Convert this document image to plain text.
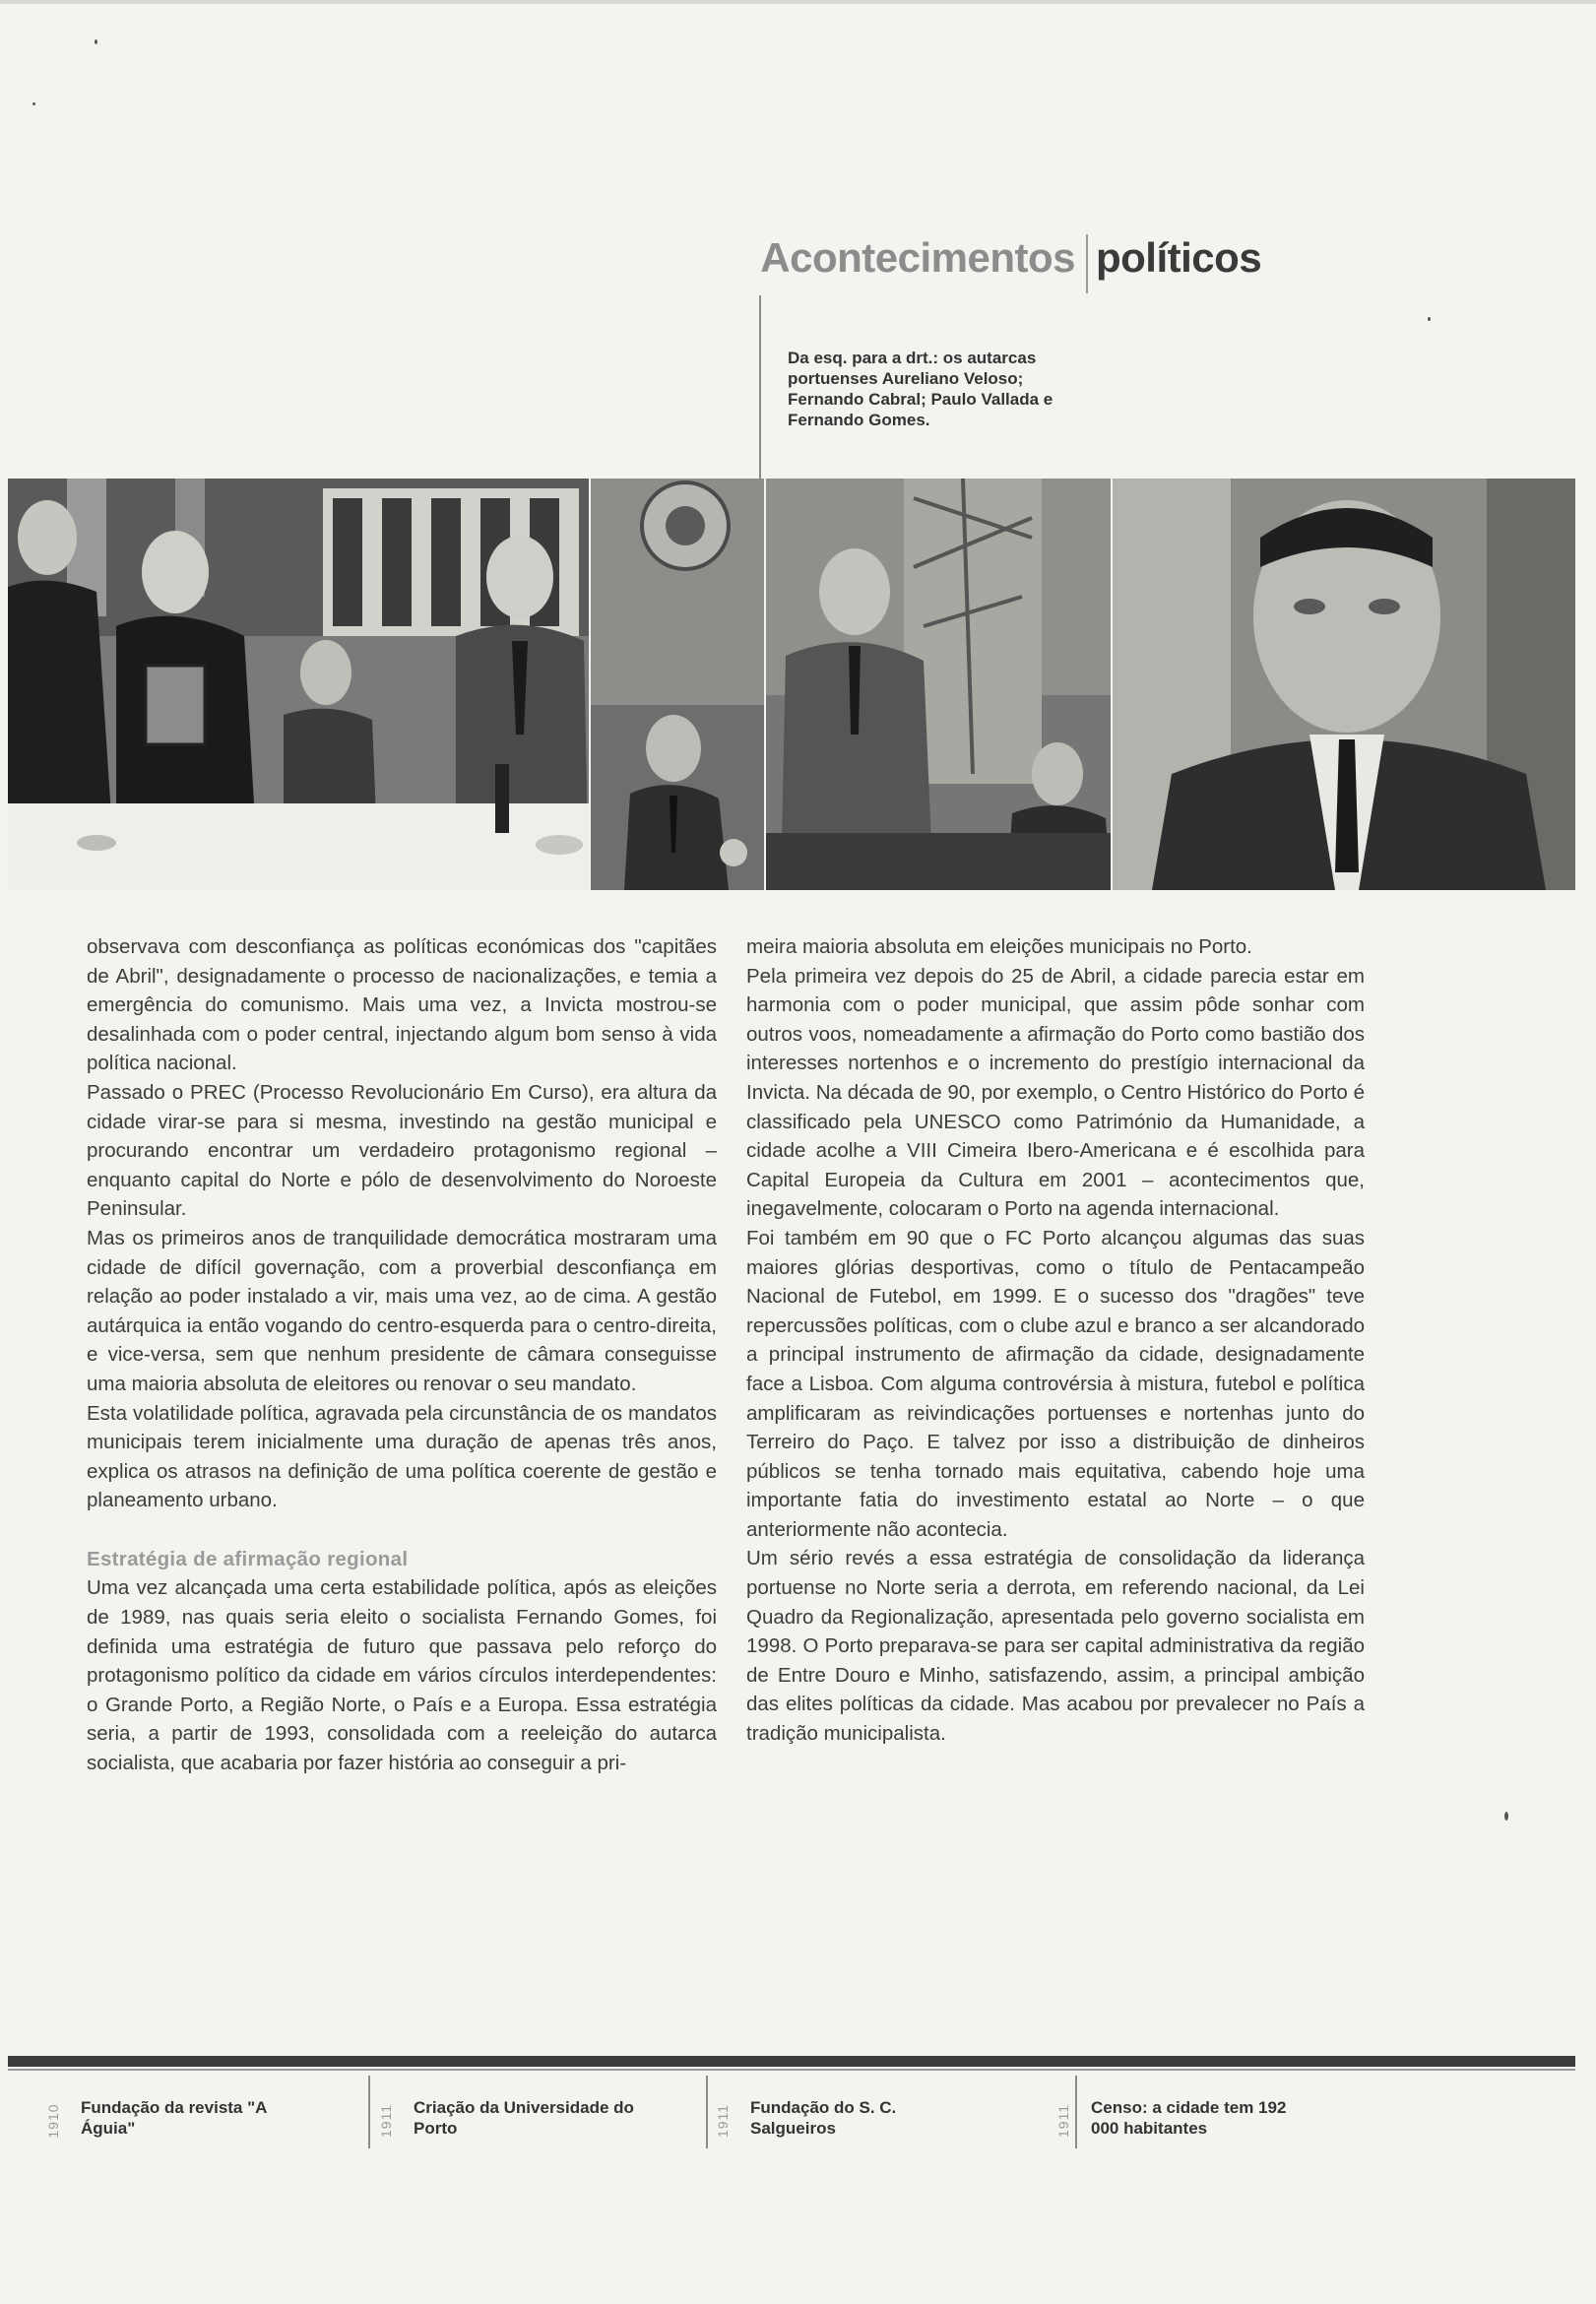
Acontecimentos políticos
Da esq. para a drt.: os autarcas portuenses Aureliano Veloso; Fernando Cabral; Paulo Vallada e Fernando Gomes.

observava com desconfiança as políticas económicas dos "capitães de Abril", designadamente o processo de nacionalizações, e temia a emergência do comunismo. Mais uma vez, a Invicta mostrou-se desalinhada com o poder central, injectando algum bom senso à vida política nacional.

Passado o PREC (Processo Revolucionário Em Curso), era altura da cidade virar-se para si mesma, investindo na gestão municipal e procurando encontrar um verdadeiro protagonismo regional – enquanto capital do Norte e pólo de desenvolvimento do Noroeste Peninsular.

Mas os primeiros anos de tranquilidade democrática mostraram uma cidade de difícil governação, com a proverbial desconfiança em relação ao poder instalado a vir, mais uma vez, ao de cima. A gestão autárquica ia então vogando do centro-esquerda para o centro-direita, e vice-versa, sem que nenhum presidente de câmara conseguisse uma maioria absoluta de eleitores ou renovar o seu mandato.

Esta volatilidade política, agravada pela circunstância de os mandatos municipais terem inicialmente uma duração de apenas três anos, explica os atrasos na definição de uma política coerente de gestão e planeamento urbano.

Estratégia de afirmação regional

Uma vez alcançada uma certa estabilidade política, após as eleições de 1989, nas quais seria eleito o socialista Fernando Gomes, foi definida uma estratégia de futuro que passava pelo reforço do protagonismo político da cidade em vários círculos interdependentes: o Grande Porto, a Região Norte, o País e a Europa. Essa estratégia seria, a partir de 1993, consolidada com a reeleição do autarca socialista, que acabaria por fazer história ao conseguir a pri-

meira maioria absoluta em eleições municipais no Porto.

Pela primeira vez depois do 25 de Abril, a cidade parecia estar em harmonia com o poder municipal, que assim pôde sonhar com outros voos, nomeadamente a afirmação do Porto como bastião dos interesses nortenhos e o incremento do prestígio internacional da Invicta. Na década de 90, por exemplo, o Centro Histórico do Porto é classificado pela UNESCO como Património da Humanidade, a cidade acolhe a VIII Cimeira Ibero-Americana e é escolhida para Capital Europeia da Cultura em 2001 – acontecimentos que, inegavelmente, colocaram o Porto na agenda internacional.

Foi também em 90 que o FC Porto alcançou algumas das suas maiores glórias desportivas, como o título de Pentacampeão Nacional de Futebol, em 1999. E o sucesso dos "dragões" teve repercussões políticas, com o clube azul e branco a ser alcandorado a principal instrumento de afirmação da cidade, designadamente face a Lisboa. Com alguma controvérsia à mistura, futebol e política amplificaram as reivindicações portuenses e nortenhas junto do Terreiro do Paço. E talvez por isso a distribuição de dinheiros públicos se tenha tornado mais equitativa, cabendo hoje uma importante fatia do investimento estatal ao Norte – o que anteriormente não acontecia.

Um sério revés a essa estratégia de consolidação da liderança portuense no Norte seria a derrota, em referendo nacional, da Lei Quadro da Regionalização, apresentada pelo governo socialista em 1998. O Porto preparava-se para ser capital administrativa da região de Entre Douro e Minho, satisfazendo, assim, a principal ambição das elites políticas da cidade. Mas acabou por prevalecer no País a tradição municipalista.

1910 Fundação da revista "A Águia"	1911 Criação da Universidade do Porto	1911 Fundação do S. C. Salgueiros	1911 Censo: a cidade tem 192 000 habitantes
